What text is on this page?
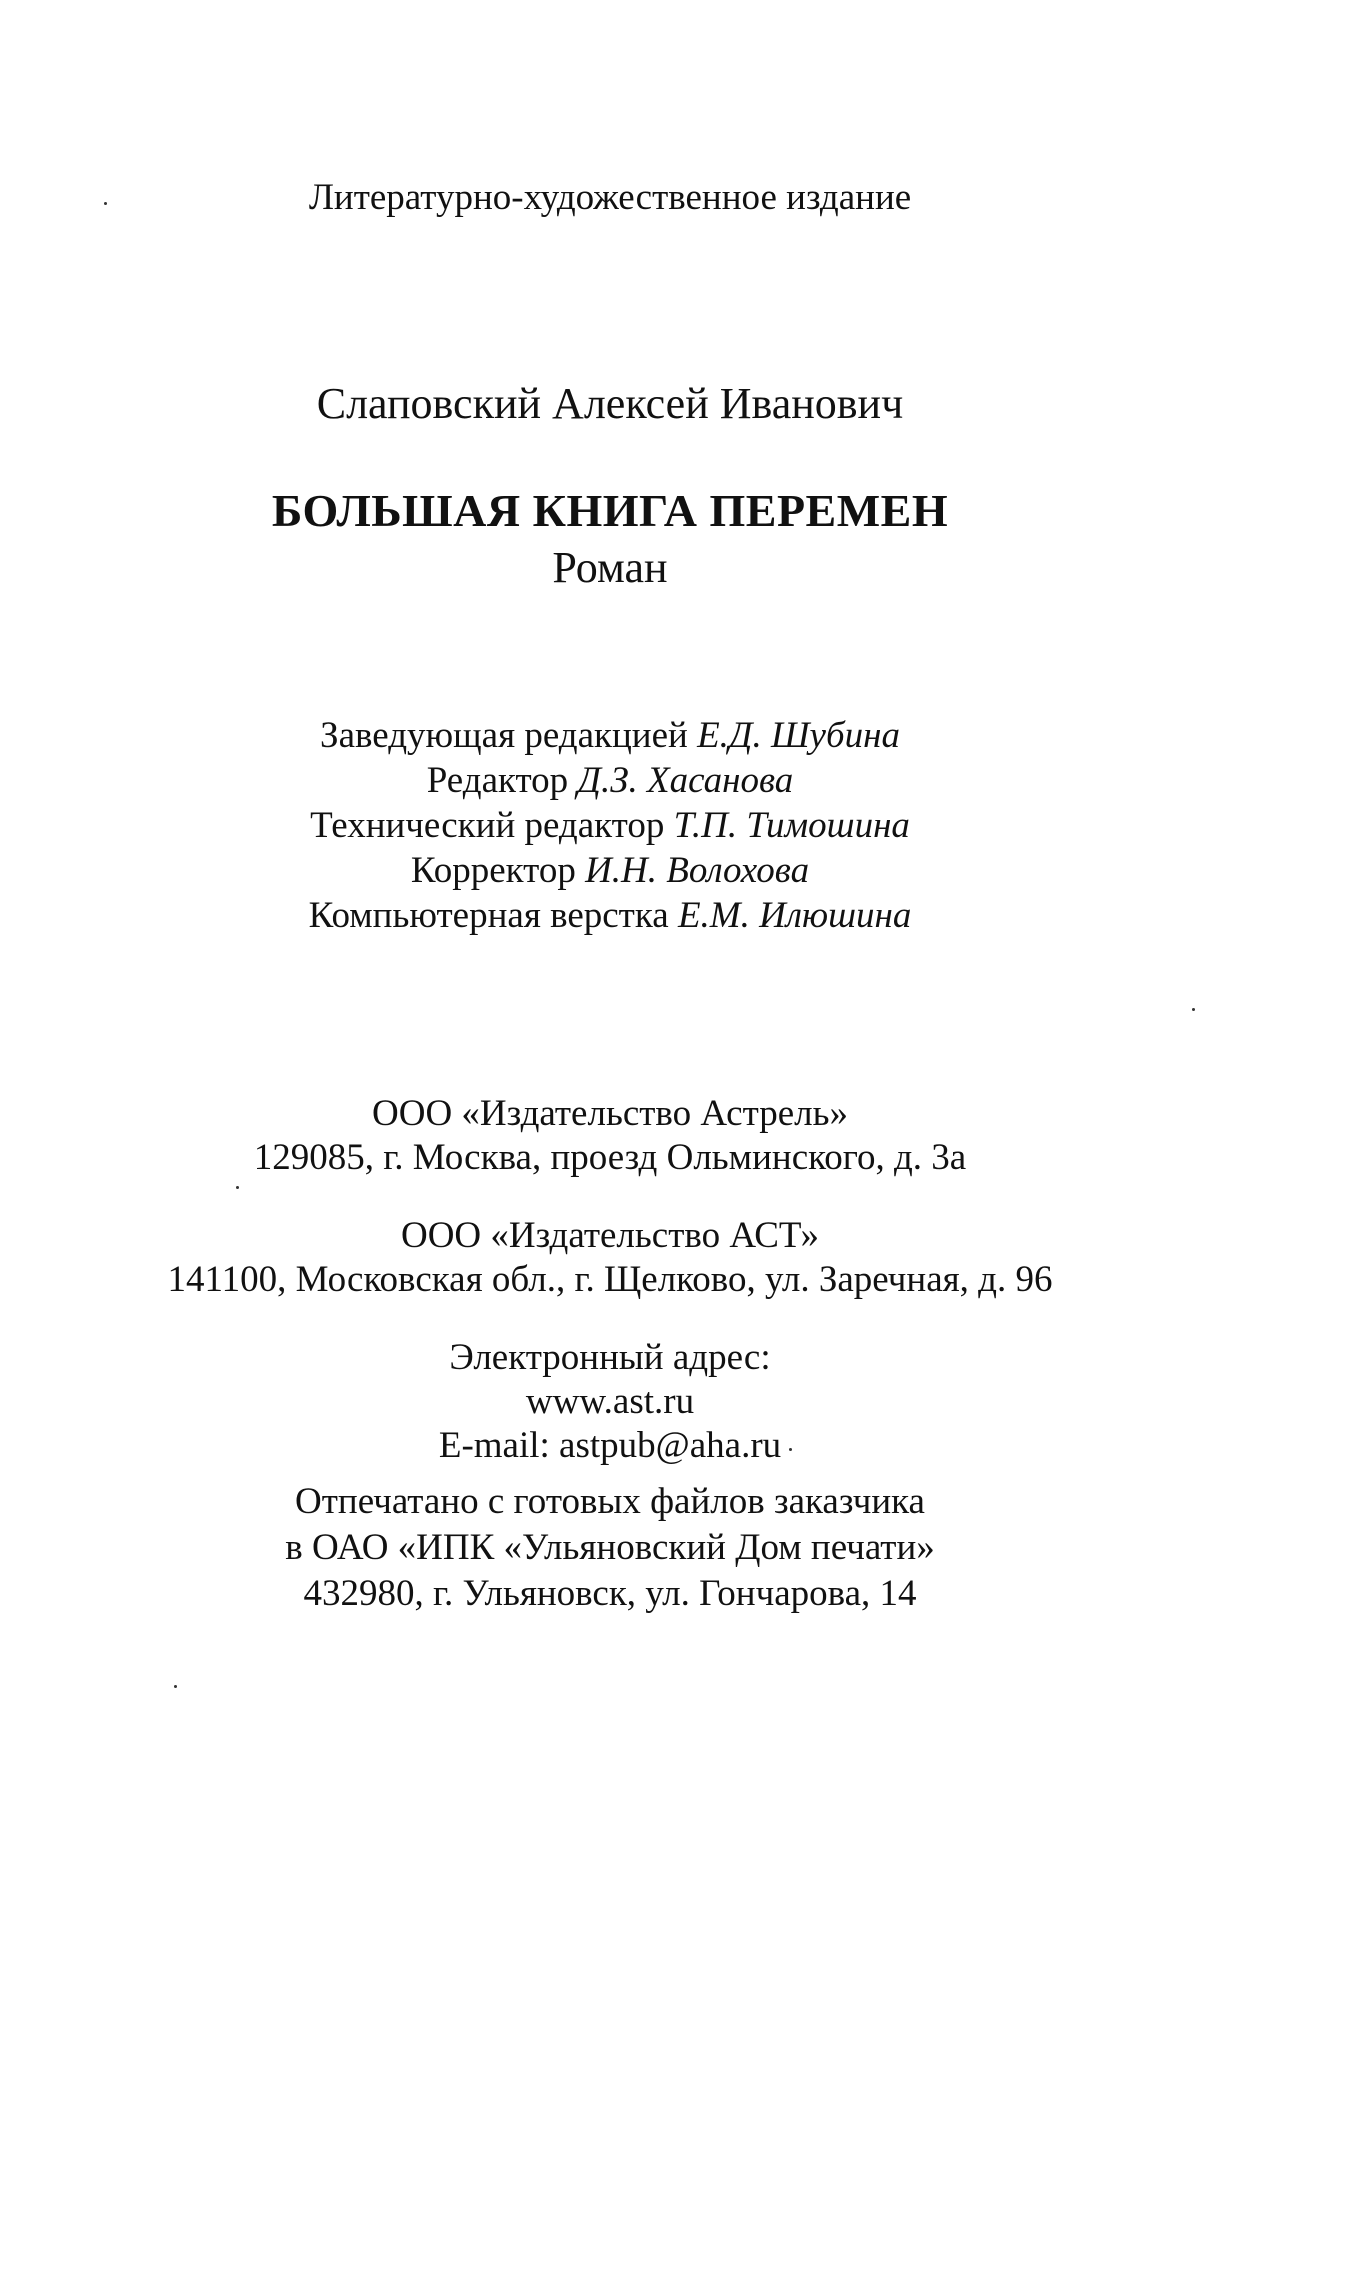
Литературно-художественное издание
Слаповский Алексей Иванович
БОЛЬШАЯ КНИГА ПЕРЕМЕН
Роман
Заведующая редакцией Е.Д. Шубина
Редактор Д.З. Хасанова
Технический редактор Т.П. Тимошина
Корректор И.Н. Волохова
Компьютерная верстка Е.М. Илюшина
ООО «Издательство Астрель»
129085, г. Москва, проезд Ольминского, д. 3а
ООО «Издательство АСТ»
141100, Московская обл., г. Щелково, ул. Заречная, д. 96
Электронный адрес:
www.ast.ru
E-mail: astpub@aha.ru
Отпечатано с готовых файлов заказчика
в ОАО «ИПК «Ульяновский Дом печати»
432980, г. Ульяновск, ул. Гончарова, 14
